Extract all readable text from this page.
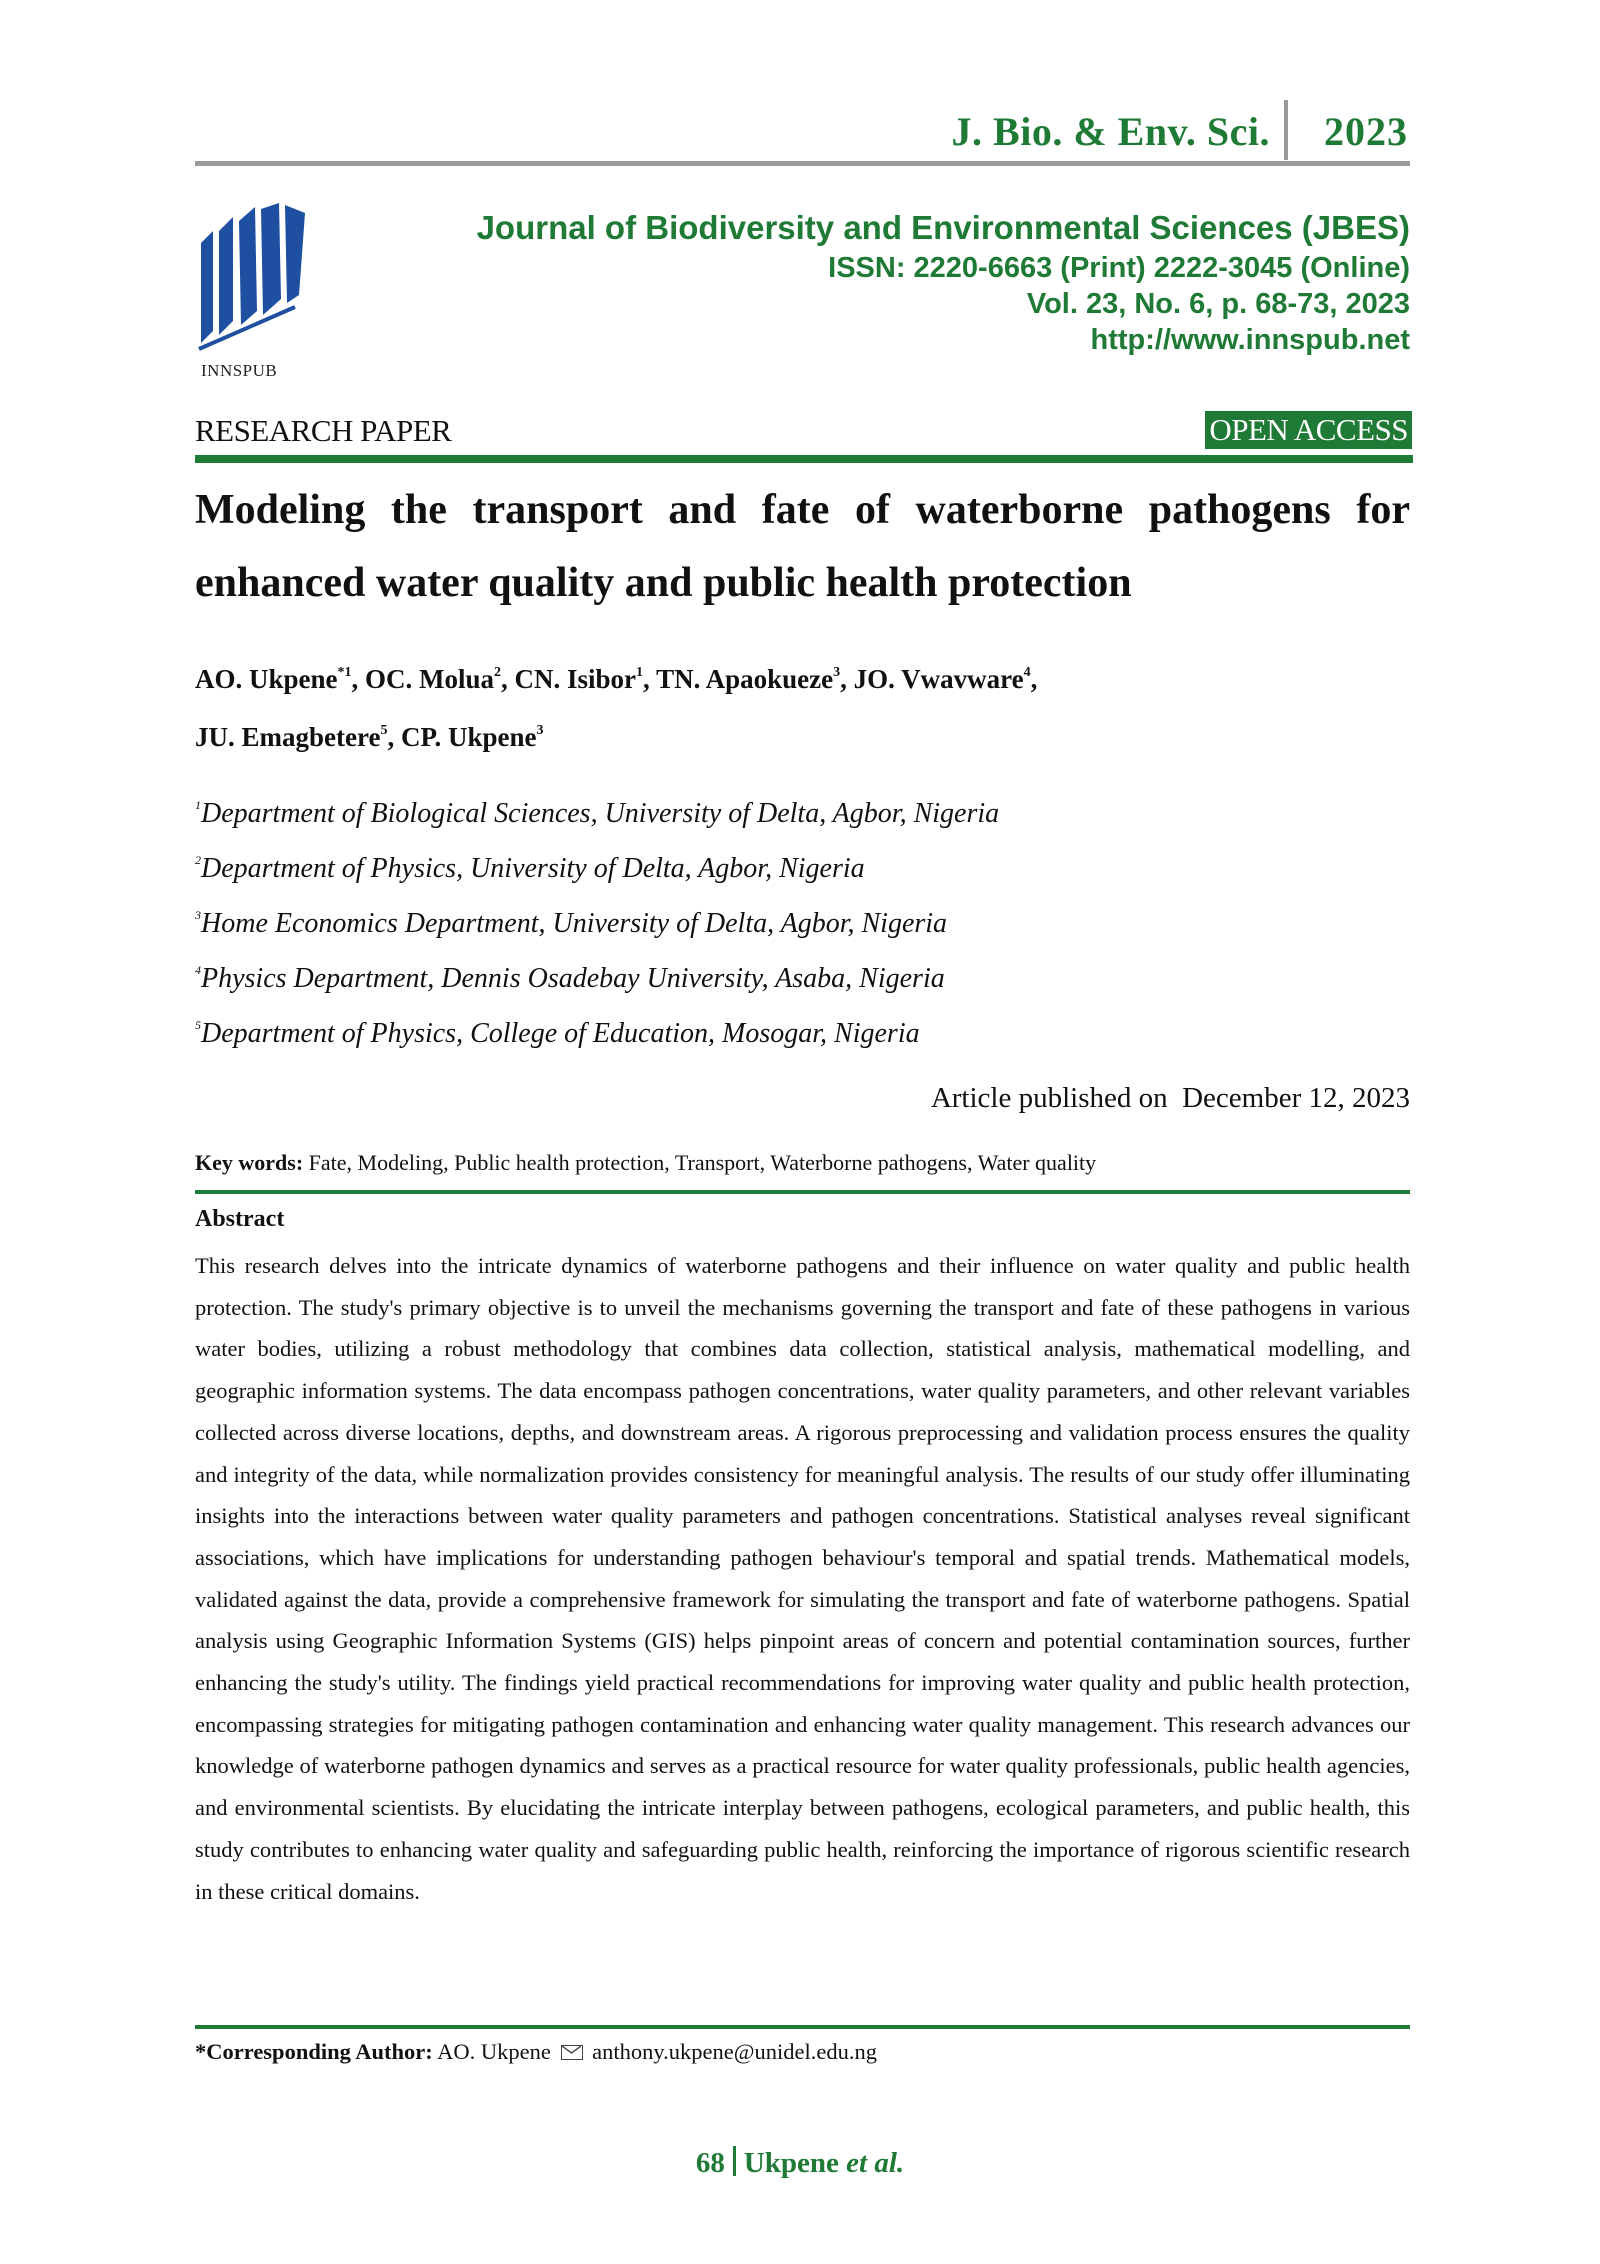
J. Bio. & Env. Sci. 2023
INNSPUB
Journal of Biodiversity and Environmental Sciences (JBES)
ISSN: 2220-6663 (Print) 2222-3045 (Online)
Vol. 23, No. 6, p. 68-73, 2023
http://www.innspub.net
RESEARCH PAPER	OPEN ACCESS
Modeling the transport and fate of waterborne pathogens for enhanced water quality and public health protection
AO. Ukpene$^{*1}$, OC. Molua$^2$, CN. Isibor$^1$, TN. Apaokueze$^3$, JO. Vwavware$^4$,
JU. Emagbetere$^5$, CP. Ukpene$^3$
$^1$Department of Biological Sciences, University of Delta, Agbor, Nigeria
$^2$Department of Physics, University of Delta, Agbor, Nigeria
$^3$Home Economics Department, University of Delta, Agbor, Nigeria
$^4$Physics Department, Dennis Osadebay University, Asaba, Nigeria
$^5$Department of Physics, College of Education, Mosogar, Nigeria
Article published on  December 12, 2023
Key words: Fate, Modeling, Public health protection, Transport, Waterborne pathogens, Water quality
Abstract
This research delves into the intricate dynamics of waterborne pathogens and their influence on water quality and public health protection. The study's primary objective is to unveil the mechanisms governing the transport and fate of these pathogens in various water bodies, utilizing a robust methodology that combines data collection, statistical analysis, mathematical modelling, and geographic information systems. The data encompass pathogen concentrations, water quality parameters, and other relevant variables collected across diverse locations, depths, and downstream areas. A rigorous preprocessing and validation process ensures the quality and integrity of the data, while normalization provides consistency for meaningful analysis. The results of our study offer illuminating insights into the interactions between water quality parameters and pathogen concentrations. Statistical analyses reveal significant associations, which have implications for understanding pathogen behaviour's temporal and spatial trends. Mathematical models, validated against the data, provide a comprehensive framework for simulating the transport and fate of waterborne pathogens. Spatial analysis using Geographic Information Systems (GIS) helps pinpoint areas of concern and potential contamination sources, further enhancing the study's utility. The findings yield practical recommendations for improving water quality and public health protection, encompassing strategies for mitigating pathogen contamination and enhancing water quality management. This research advances our knowledge of waterborne pathogen dynamics and serves as a practical resource for water quality professionals, public health agencies, and environmental scientists. By elucidating the intricate interplay between pathogens, ecological parameters, and public health, this study contributes to enhancing water quality and safeguarding public health, reinforcing the importance of rigorous scientific research in these critical domains.
*Corresponding Author: AO. Ukpene anthony.ukpene@unidel.edu.ng
68 Ukpene et al.
